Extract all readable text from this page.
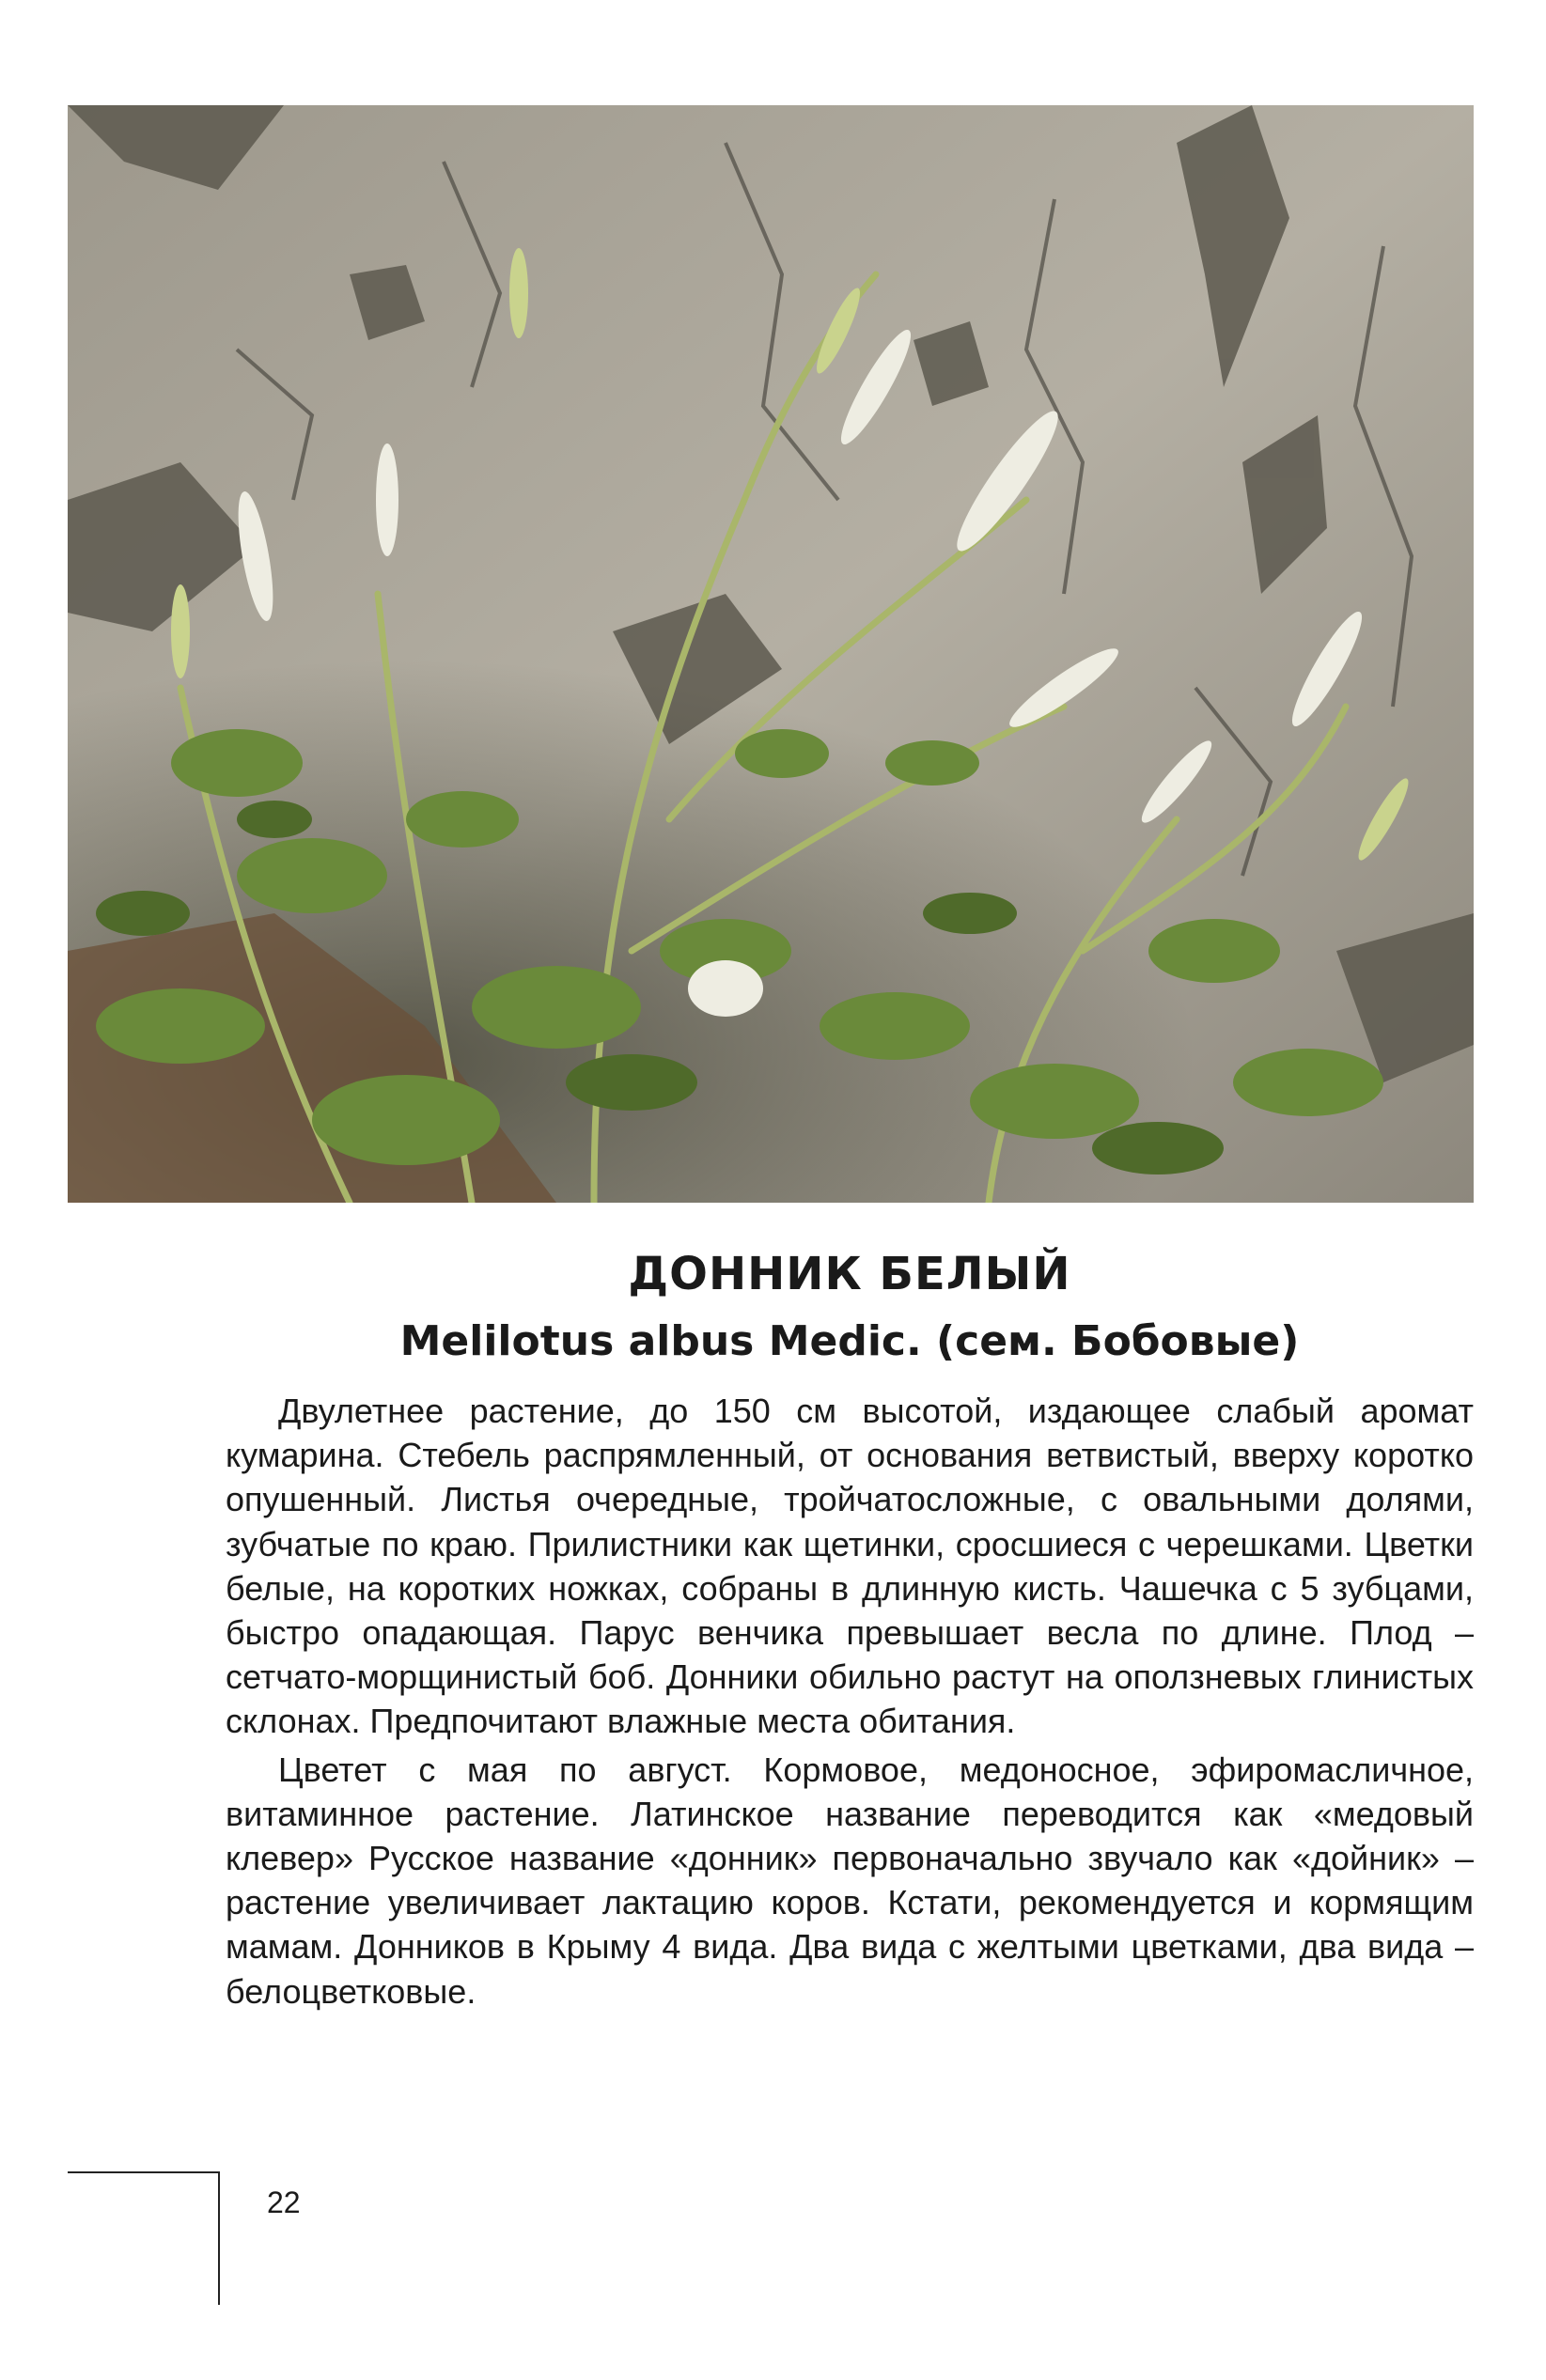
ДОННИК БЕЛЫЙ
Melilotus albus Medic. (сем. Бобовые)

Двулетнее растение, до 150 см высотой, издающее слабый аромат кумарина. Стебель распрямленный, от основания ветвистый, вверху коротко опушенный. Листья очередные, тройчатосложные, с овальными долями, зубчатые по краю. Прилистники как щетинки, сросшиеся с черешками. Цветки белые, на коротких ножках, собраны в длинную кисть. Чашечка с 5 зубцами, быстро опадающая. Парус венчика превышает весла по длине. Плод – сетчато-морщинистый боб. Донники обильно растут на оползневых глинистых склонах. Предпочитают влажные места обитания.

Цветет с мая по август. Кормовое, медоносное, эфиромасличное, витаминное растение. Латинское название переводится как «медовый клевер» Русское название «донник» первоначально звучало как «дойник» – растение увеличивает лактацию коров. Кстати, рекомендуется и кормящим мамам. Донников в Крыму 4 вида. Два вида с желтыми цветками, два вида – белоцветковые.

22
